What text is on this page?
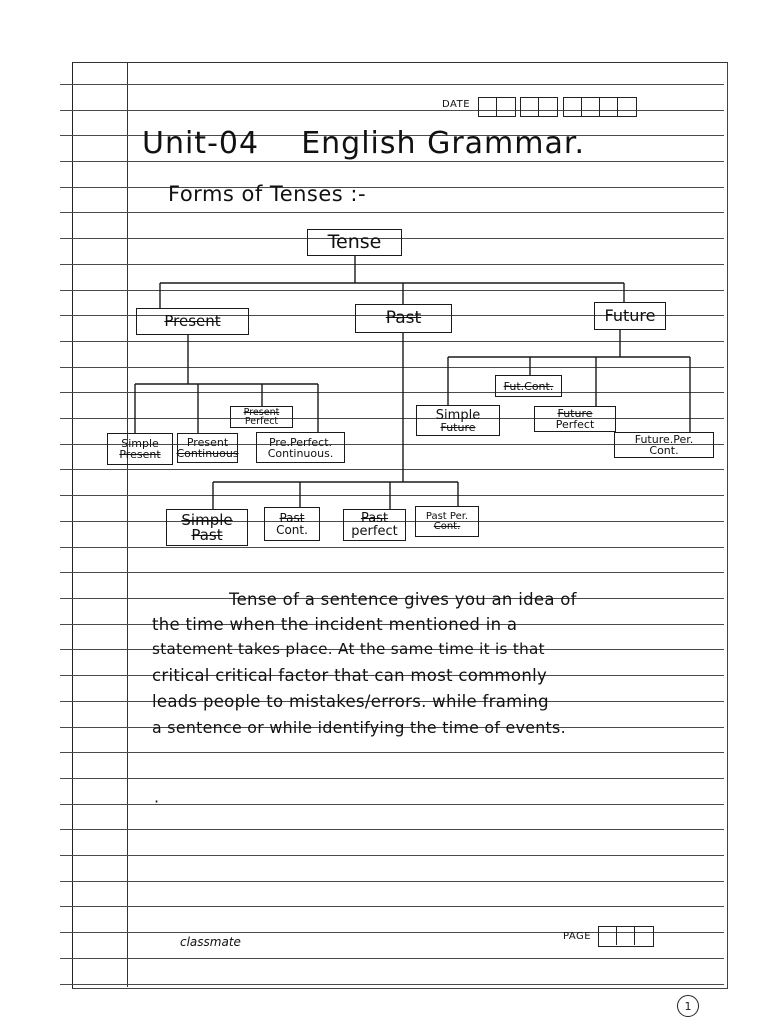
DATE
Unit-04    English Grammar.
Forms of Tenses :-
Tense
Present	Past	Future
Simple
Present
Present
Continuous
Present
Perfect
Pre.Perfect.
Continuous.
Simple
Past
Past
Cont.
Past
perfect
Past Per.
Cont.
Fut.Cont.
Simple
Future
Future
Perfect
Future.Per.
Cont.
Tense of a sentence gives you an idea of
the time when the incident mentioned in a
statement takes place. At the same time it is that
critical critical factor that can most commonly
leads people to mistakes/errors. while framing
a sentence or while identifying the time of events.
·
classmate	PAGE
1
